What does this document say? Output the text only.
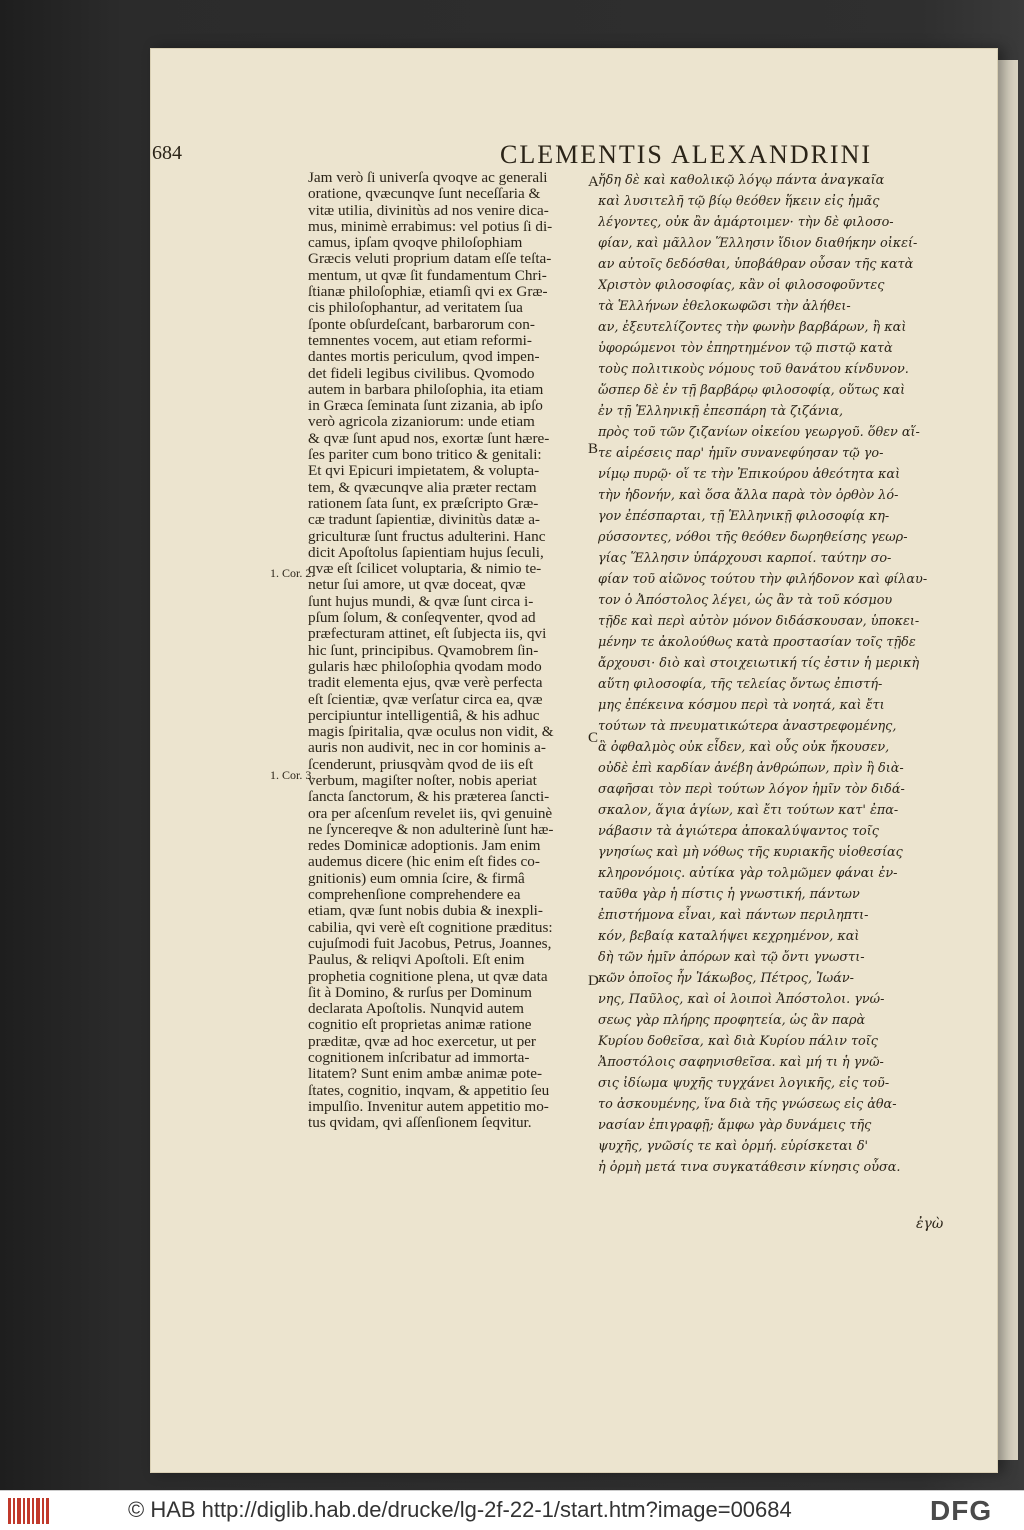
684	CLEMENTIS ALEXANDRINI
Jam verò ſi univerſa qvoqve ac generali
oratione, qvæcunqve ſunt neceſſaria &
vitæ utilia, divinitùs ad nos venire dica-
mus, minimè errabimus: vel potius ſi di-
camus, ipſam qvoqve philoſophiam
Græcis veluti proprium datam eſſe teſta-
mentum, ut qvæ ſit fundamentum Chri-
ſtianæ philoſophiæ, etiamſi qvi ex Græ-
cis philoſophantur, ad veritatem ſua
ſponte obſurdeſcant, barbarorum con-
temnentes vocem, aut etiam reformi-
dantes mortis periculum, qvod impen-
det fideli legibus civilibus. Qvomodo
autem in barbara philoſophia, ita etiam
in Græca ſeminata ſunt zizania, ab ipſo
verò agricola zizaniorum: unde etiam
& qvæ ſunt apud nos, exortæ ſunt hære-
ſes pariter cum bono tritico & genitali:
Et qvi Epicuri impietatem, & volupta-
tem, & qvæcunqve alia præter rectam
rationem ſata ſunt, ex præſcripto Græ-
cæ tradunt ſapientiæ, divinitùs datæ a-
griculturæ ſunt fructus adulterini. Hanc
dicit Apoſtolus ſapientiam hujus ſeculi,
qvæ eſt ſcilicet voluptaria, & nimio te-
netur ſui amore, ut qvæ doceat, qvæ
ſunt hujus mundi, & qvæ ſunt circa i-
pſum ſolum, & conſeqventer, qvod ad
præfecturam attinet, eſt ſubjecta iis, qvi
hic ſunt, principibus. Qvamobrem ſin-
gularis hæc philoſophia qvodam modo
tradit elementa ejus, qvæ verè perfecta
eſt ſcientiæ, qvæ verſatur circa ea, qvæ
percipiuntur intelligentiâ, & his adhuc
magis ſpiritalia, qvæ oculus non vidit, &
auris non audivit, nec in cor hominis a-
ſcenderunt, priusqvàm qvod de iis eſt
verbum, magiſter noſter, nobis aperiat
ſancta ſanctorum, & his præterea ſancti-
ora per aſcenſum revelet iis, qvi genuinè
ne ſyncereqve & non adulterinè ſunt hæ-
redes Dominicæ adoptionis. Jam enim
audemus dicere (hic enim eſt fides co-
gnitionis) eum omnia ſcire, & firmâ
comprehenſione comprehendere ea
etiam, qvæ ſunt nobis dubia & inexpli-
cabilia, qvi verè eſt cognitione præditus:
cujuſmodi fuit Jacobus, Petrus, Joannes,
Paulus, & reliqvi Apoſtoli. Eſt enim
prophetia cognitione plena, ut qvæ data
ſit à Domino, & rurſus per Dominum
declarata Apoſtolis. Nunqvid autem
cognitio eſt proprietas animæ ratione
præditæ, qvæ ad hoc exercetur, ut per
cognitionem inſcribatur ad immorta-
litatem? Sunt enim ambæ animæ pote-
ſtates, cognitio, inqvam, & appetitio ſeu
impulſio. Invenitur autem appetitio mo-
tus qvidam, qvi aſſenſionem ſeqvitur.
ἤδη δὲ καὶ καθολικῷ λόγῳ πάντα ἀναγκαῖα
καὶ λυσιτελῆ τῷ βίῳ θεόθεν ἥκειν εἰς ἡμᾶς
λέγοντες, οὐκ ἂν ἁμάρτοιμεν· τὴν δὲ φιλοσο-
φίαν, καὶ μᾶλλον Ἕλλησιν ἴδιον διαθήκην οἰκεί-
αν αὐτοῖς δεδόσθαι, ὑποβάθραν οὖσαν τῆς κατὰ
Χριστὸν φιλοσοφίας, κἂν οἱ φιλοσοφοῦντες
τὰ Ἑλλήνων ἐθελοκωφῶσι τὴν ἀλήθει-
αν, ἐξευτελίζοντες τὴν φωνὴν βαρβάρων, ἢ καὶ
ὑφορώμενοι τὸν ἐπηρτημένον τῷ πιστῷ κατὰ
τοὺς πολιτικοὺς νόμους τοῦ θανάτου κίνδυνον.
ὥσπερ δὲ ἐν τῇ βαρβάρῳ φιλοσοφίᾳ, οὕτως καὶ
ἐν τῇ Ἑλληνικῇ ἐπεσπάρη τὰ ζιζάνια,
πρὸς τοῦ τῶν ζιζανίων οἰκείου γεωργοῦ. ὅθεν αἵ-
τε αἱρέσεις παρ' ἡμῖν συνανεφύησαν τῷ γο-
νίμῳ πυρῷ· οἵ τε τὴν Ἐπικούρου ἀθεότητα καὶ
τὴν ἡδονήν, καὶ ὅσα ἄλλα παρὰ τὸν ὀρθὸν λό-
γον ἐπέσπαρται, τῇ Ἑλληνικῇ φιλοσοφίᾳ κη-
ρύσσοντες, νόθοι τῆς θεόθεν δωρηθείσης γεωρ-
γίας Ἕλλησιν ὑπάρχουσι καρποί. ταύτην σο-
φίαν τοῦ αἰῶνος τούτου τὴν φιλήδονον καὶ φίλαυ-
τον ὁ Ἀπόστολος λέγει, ὡς ἂν τὰ τοῦ κόσμου
τῇδε καὶ περὶ αὐτὸν μόνον διδάσκουσαν, ὑποκει-
μένην τε ἀκολούθως κατὰ προστασίαν τοῖς τῇδε
ἄρχουσι· διὸ καὶ στοιχειωτική τίς ἐστιν ἡ μερικὴ
αὕτη φιλοσοφία, τῆς τελείας ὄντως ἐπιστή-
μης ἐπέκεινα κόσμου περὶ τὰ νοητά, καὶ ἔτι
τούτων τὰ πνευματικώτερα ἀναστρεφομένης,
ἃ ὀφθαλμὸς οὐκ εἶδεν, καὶ οὖς οὐκ ἤκουσεν,
οὐδὲ ἐπὶ καρδίαν ἀνέβη ἀνθρώπων, πρὶν ἢ διὰ-
σαφῆσαι τὸν περὶ τούτων λόγον ἡμῖν τὸν διδά-
σκαλον, ἅγια ἁγίων, καὶ ἔτι τούτων κατ' ἐπα-
νάβασιν τὰ ἁγιώτερα ἀποκαλύψαντος τοῖς
γνησίως καὶ μὴ νόθως τῆς κυριακῆς υἱοθεσίας
κληρονόμοις. αὐτίκα γὰρ τολμῶμεν φάναι ἐν-
ταῦθα γὰρ ἡ πίστις ἡ γνωστική, πάντων
ἐπιστήμονα εἶναι, καὶ πάντων περιληπτι-
κόν, βεβαίᾳ καταλήψει κεχρημένον, καὶ
δὴ τῶν ἡμῖν ἀπόρων καὶ τῷ ὄντι γνωστι-
κῶν ὁποῖος ἦν Ἰάκωβος, Πέτρος, Ἰωάν-
νης, Παῦλος, καὶ οἱ λοιποὶ Ἀπόστολοι. γνώ-
σεως γὰρ πλήρης προφητεία, ὡς ἂν παρὰ
Κυρίου δοθεῖσα, καὶ διὰ Κυρίου πάλιν τοῖς
Ἀποστόλοις σαφηνισθεῖσα. καὶ μή τι ἡ γνῶ-
σις ἰδίωμα ψυχῆς τυγχάνει λογικῆς, εἰς τοῦ-
το ἀσκουμένης, ἵνα διὰ τῆς γνώσεως εἰς ἀθα-
νασίαν ἐπιγραφῇ; ἄμφω γὰρ δυνάμεις τῆς
ψυχῆς, γνῶσίς τε καὶ ὁρμή. εὑρίσκεται δ'
ἡ ὁρμὴ μετά τινα συγκατάθεσιν κίνησις οὖσα.
A
B
C
D
1. Cor. 2.
1. Cor. 3.
ἐγὼ
© HAB http://diglib.hab.de/drucke/lg-2f-22-1/start.htm?image=00684	DFG
